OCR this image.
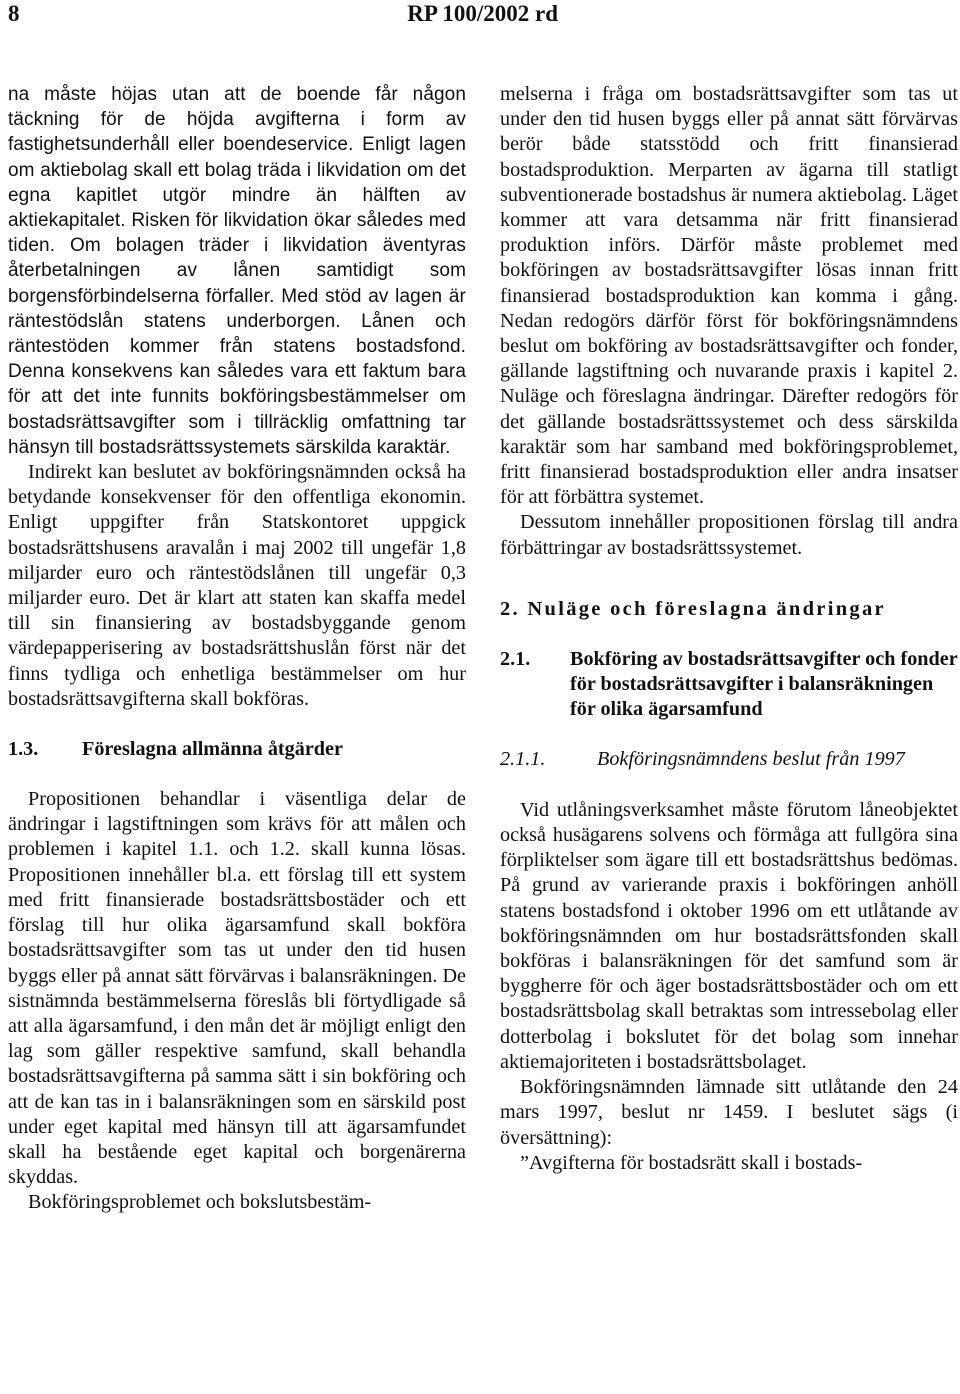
8	RP 100/2002 rd

na måste höjas utan att de boende får någon täckning för de höjda avgifterna i form av fastighetsunderhåll eller boendeservice. Enligt lagen om aktiebolag skall ett bolag träda i likvidation om det egna kapitlet utgör mindre än hälften av aktiekapitalet. Risken för likvidation ökar således med tiden. Om bolagen träder i likvidation äventyras återbetalningen av lånen samtidigt som borgensförbindelserna förfaller. Med stöd av lagen är räntestödslån statens underborgen. Lånen och räntestöden kommer från statens bostadsfond. Denna konsekvens kan således vara ett faktum bara för att det inte funnits bokföringsbestämmelser om bostadsrättsavgifter som i tillräcklig omfattning tar hänsyn till bostadsrättssystemets särskilda karaktär.

Indirekt kan beslutet av bokföringsnämnden också ha betydande konsekvenser för den offentliga ekonomin. Enligt uppgifter från Statskontoret uppgick bostadsrättshusens aravalån i maj 2002 till ungefär 1,8 miljarder euro och räntestödslånen till ungefär 0,3 miljarder euro. Det är klart att staten kan skaffa medel till sin finansiering av bostadsbyggande genom värdepapperisering av bostadsrättshuslån först när det finns tydliga och enhetliga bestämmelser om hur bostadsrättsavgifterna skall bokföras.

1.3.	Föreslagna allmänna åtgärder

Propositionen behandlar i väsentliga delar de ändringar i lagstiftningen som krävs för att målen och problemen i kapitel 1.1. och 1.2. skall kunna lösas. Propositionen innehåller bl.a. ett förslag till ett system med fritt finansierade bostadsrättsbostäder och ett förslag till hur olika ägarsamfund skall bokföra bostadsrättsavgifter som tas ut under den tid husen byggs eller på annat sätt förvärvas i balansräkningen. De sistnämnda bestämmelserna föreslås bli förtydligade så att alla ägarsamfund, i den mån det är möjligt enligt den lag som gäller respektive samfund, skall behandla bostadsrättsavgifterna på samma sätt i sin bokföring och att de kan tas in i balansräkningen som en särskild post under eget kapital med hänsyn till att ägarsamfundet skall ha bestående eget kapital och borgenärerna skyddas.

Bokföringsproblemet och bokslutsbestäm-

melserna i fråga om bostadsrättsavgifter som tas ut under den tid husen byggs eller på annat sätt förvärvas berör både statsstödd och fritt finansierad bostadsproduktion. Merparten av ägarna till statligt subventionerade bostadshus är numera aktiebolag. Läget kommer att vara detsamma när fritt finansierad produktion införs. Därför måste problemet med bokföringen av bostadsrättsavgifter lösas innan fritt finansierad bostadsproduktion kan komma i gång. Nedan redogörs därför först för bokföringsnämndens beslut om bokföring av bostadsrättsavgifter och fonder, gällande lagstiftning och nuvarande praxis i kapitel 2. Nuläge och föreslagna ändringar. Därefter redogörs för det gällande bostadsrättssystemet och dess särskilda karaktär som har samband med bokföringsproblemet, fritt finansierad bostadsproduktion eller andra insatser för att förbättra systemet.

Dessutom innehåller propositionen förslag till andra förbättringar av bostadsrättssystemet.

2. Nuläge och föreslagna ändringar
2.1.	Bokföring av bostadsrättsavgifter och fonder för bostadsrättsavgifter i balansräkningen för olika ägarsamfund
2.1.1.	Bokföringsnämndens beslut från 1997

Vid utlåningsverksamhet måste förutom låneobjektet också husägarens solvens och förmåga att fullgöra sina förpliktelser som ägare till ett bostadsrättshus bedömas. På grund av varierande praxis i bokföringen anhöll statens bostadsfond i oktober 1996 om ett utlåtande av bokföringsnämnden om hur bostadsrättsfonden skall bokföras i balansräkningen för det samfund som är byggherre för och äger bostadsrättsbostäder och om ett bostadsrättsbolag skall betraktas som intressebolag eller dotterbolag i bokslutet för det bolag som innehar aktiemajoriteten i bostadsrättsbolaget.

Bokföringsnämnden lämnade sitt utlåtande den 24 mars 1997, beslut nr 1459. I beslutet sägs (i översättning):

”Avgifterna för bostadsrätt skall i bostads-
